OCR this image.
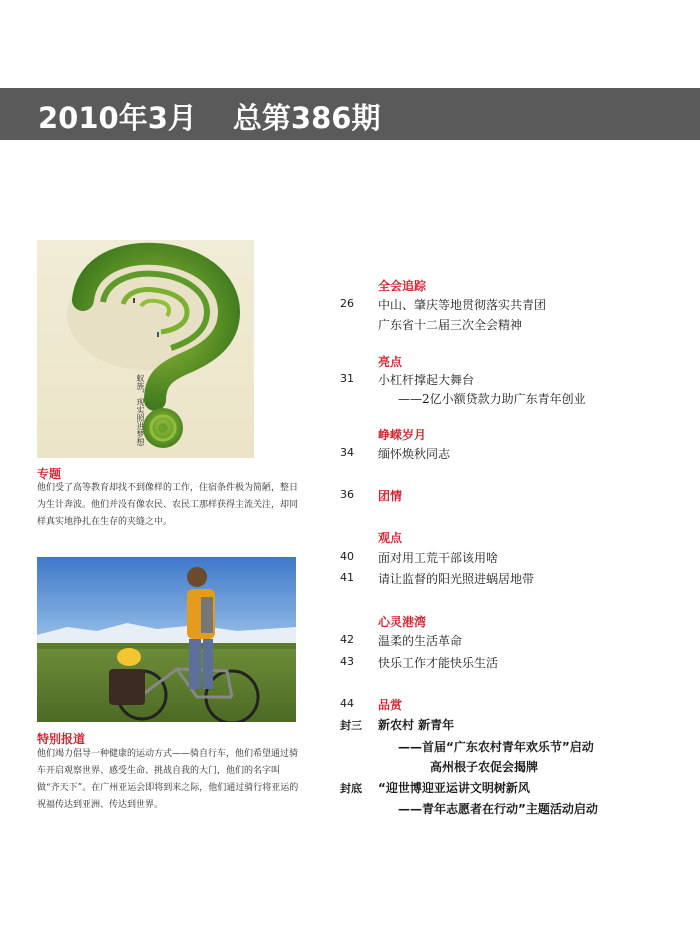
2010年3月 总第386期
蚁族，现实照进梦想
专题
他们受了高等教育却找不到像样的工作，住宿条件极为简陋，整日为生计奔波。他们并没有像农民、农民工那样获得主流关注，却同样真实地挣扎在生存的夹缝之中。
特别报道
他们竭力倡导一种健康的运动方式——骑自行车，他们希望通过骑车开启观察世界、感受生命、挑战自我的大门，他们的名字叫做“齐天下”。在广州亚运会即将到来之际，他们通过骑行将亚运的祝福传达到亚洲、传达到世界。
全会追踪
26 中山、肇庆等地贯彻落实共青团
广东省十二届三次全会精神
亮点
31 小杠杆撑起大舞台
——2亿小额贷款力助广东青年创业
峥嵘岁月
34 缅怀焕秋同志
36 团情
观点
40 面对用工荒干部该用啥
41 请让监督的阳光照进蜗居地带
心灵港湾
42 温柔的生活革命
43 快乐工作才能快乐生活
44 品赏
封三 新农村 新青年
——首届“广东农村青年欢乐节”启动
高州根子农促会揭牌
封底 “迎世博迎亚运讲文明树新风
——青年志愿者在行动”主题活动启动
